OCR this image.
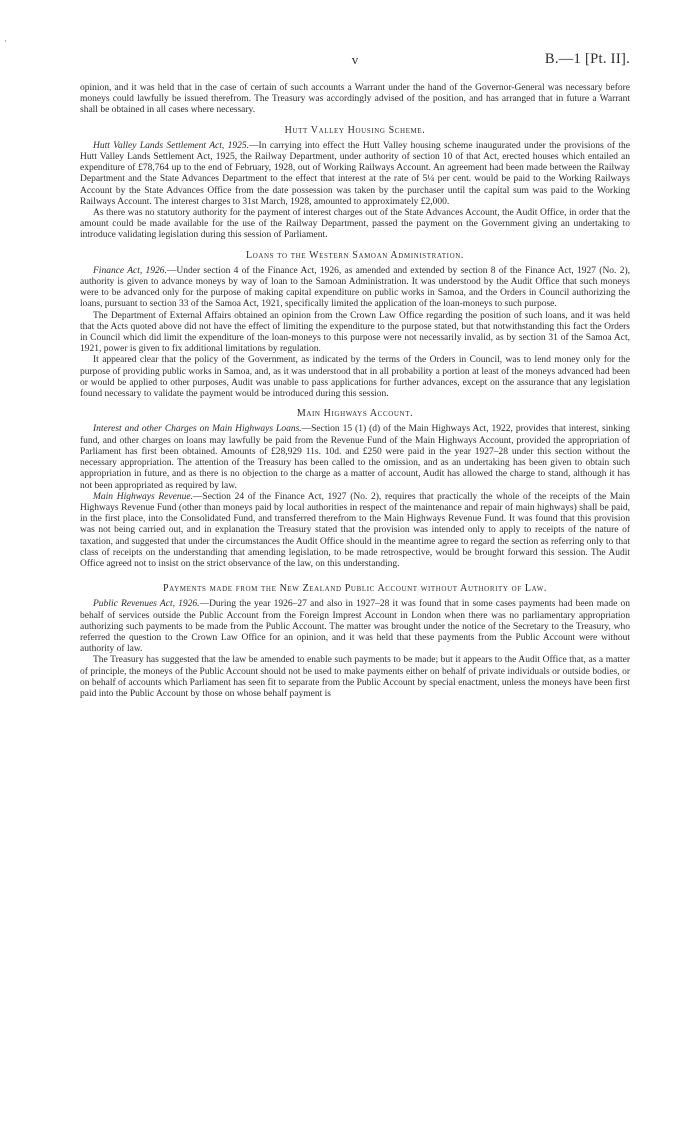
·
v	B.—1 [Pt. II].

opinion, and it was held that in the case of certain of such accounts a Warrant under the hand of the Governor-General was necessary before moneys could lawfully be issued therefrom. The Treasury was accordingly advised of the position, and has arranged that in future a Warrant shall be obtained in all cases where necessary.

Hutt Valley Housing Scheme.

Hutt Valley Lands Settlement Act, 1925.—In carrying into effect the Hutt Valley housing scheme inaugurated under the provisions of the Hutt Valley Lands Settlement Act, 1925, the Railway Department, under authority of section 10 of that Act, erected houses which entailed an expenditure of £78,764 up to the end of February, 1928, out of Working Railways Account. An agreement had been made between the Railway Department and the State Advances Department to the effect that interest at the rate of 5¼ per cent. would be paid to the Working Railways Account by the State Advances Office from the date possession was taken by the purchaser until the capital sum was paid to the Working Railways Account. The interest charges to 31st March, 1928, amounted to approximately £2,000.

As there was no statutory authority for the payment of interest charges out of the State Advances Account, the Audit Office, in order that the amount could be made available for the use of the Railway Department, passed the payment on the Government giving an undertaking to introduce validating legislation during this session of Parliament.

Loans to the Western Samoan Administration.

Finance Act, 1926.—Under section 4 of the Finance Act, 1926, as amended and extended by section 8 of the Finance Act, 1927 (No. 2), authority is given to advance moneys by way of loan to the Samoan Administration. It was understood by the Audit Office that such moneys were to be advanced only for the purpose of making capital expenditure on public works in Samoa, and the Orders in Council authorizing the loans, pursuant to section 33 of the Samoa Act, 1921, specifically limited the application of the loan-moneys to such purpose.

The Department of External Affairs obtained an opinion from the Crown Law Office regarding the position of such loans, and it was held that the Acts quoted above did not have the effect of limiting the expenditure to the purpose stated, but that notwithstanding this fact the Orders in Council which did limit the expenditure of the loan-moneys to this purpose were not necessarily invalid, as by section 31 of the Samoa Act, 1921, power is given to fix additional limitations by regulation.

It appeared clear that the policy of the Government, as indicated by the terms of the Orders in Council, was to lend money only for the purpose of providing public works in Samoa, and, as it was understood that in all probability a portion at least of the moneys advanced had been or would be applied to other purposes, Audit was unable to pass applications for further advances, except on the assurance that any legislation found necessary to validate the payment would be introduced during this session.

Main Highways Account.

Interest and other Charges on Main Highways Loans.—Section 15 (1) (d) of the Main Highways Act, 1922, provides that interest, sinking fund, and other charges on loans may lawfully be paid from the Revenue Fund of the Main Highways Account, provided the appropriation of Parliament has first been obtained. Amounts of £28,929 11s. 10d. and £250 were paid in the year 1927–28 under this section without the necessary appropriation. The attention of the Treasury has been called to the omission, and as an undertaking has been given to obtain such appropriation in future, and as there is no objection to the charge as a matter of account, Audit has allowed the charge to stand, although it has not been appropriated as required by law.

Main Highways Revenue.—Section 24 of the Finance Act, 1927 (No. 2), requires that practically the whole of the receipts of the Main Highways Revenue Fund (other than moneys paid by local authorities in respect of the maintenance and repair of main highways) shall be paid, in the first place, into the Consolidated Fund, and transferred therefrom to the Main Highways Revenue Fund. It was found that this provision was not being carried out, and in explanation the Treasury stated that the provision was intended only to apply to receipts of the nature of taxation, and suggested that under the circumstances the Audit Office should in the meantime agree to regard the section as referring only to that class of receipts on the understanding that amending legislation, to be made retrospective, would be brought forward this session. The Audit Office agreed not to insist on the strict observance of the law, on this understanding.

Payments made from the New Zealand Public Account without Authority of Law.

Public Revenues Act, 1926.—During the year 1926–27 and also in 1927–28 it was found that in some cases payments had been made on behalf of services outside the Public Account from the Foreign Imprest Account in London when there was no parliamentary appropriation authorizing such payments to be made from the Public Account. The matter was brought under the notice of the Secretary to the Treasury, who referred the question to the Crown Law Office for an opinion, and it was held that these payments from the Public Account were without authority of law.

The Treasury has suggested that the law be amended to enable such payments to be made; but it appears to the Audit Office that, as a matter of principle, the moneys of the Public Account should not be used to make payments either on behalf of private individuals or outside bodies, or on behalf of accounts which Parliament has seen fit to separate from the Public Account by special enactment, unless the moneys have been first paid into the Public Account by those on whose behalf payment is
